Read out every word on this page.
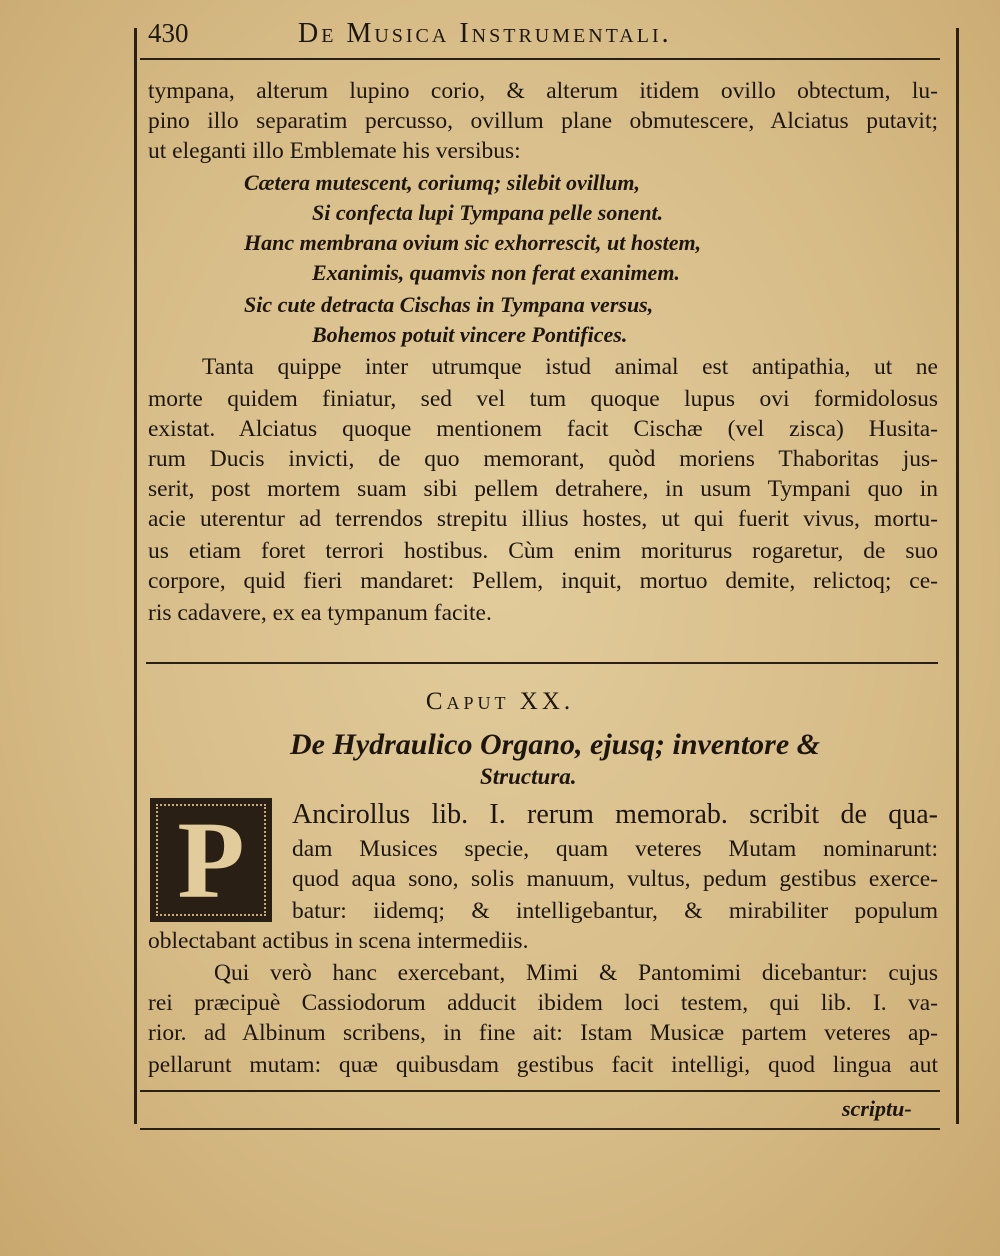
430	De Musica Instrumentali.
tympana, alterum lupino corio, & alterum itidem ovillo obtectum, lu-
pino illo separatim percusso, ovillum plane obmutescere, Alciatus putavit;
ut eleganti illo Emblemate his versibus:
Cætera mutescent, coriumq; silebit ovillum,
Si confecta lupi Tympana pelle sonent.
Hanc membrana ovium sic exhorrescit, ut hostem,
Exanimis, quamvis non ferat exanimem.
Sic cute detracta Cischas in Tympana versus,
Bohemos potuit vincere Pontifices.
Tanta quippe inter utrumque istud animal est antipathia, ut ne
morte quidem finiatur, sed vel tum quoque lupus ovi formidolosus
existat. Alciatus quoque mentionem facit Cischæ (vel zisca) Husita-
rum Ducis invicti, de quo memorant, quòd moriens Thaboritas jus-
serit, post mortem suam sibi pellem detrahere, in usum Tympani quo in
acie uterentur ad terrendos strepitu illius hostes, ut qui fuerit vivus, mortu-
us etiam foret terrori hostibus. Cùm enim moriturus rogaretur, de suo
corpore, quid fieri mandaret: Pellem, inquit, mortuo demite, relictoq; ce-
ris cadavere, ex ea tympanum facite.
Caput XX.
De Hydraulico Organo, ejusq; inventore &
Structura.
P	Ancirollus lib. I. rerum memorab. scribit de qua-
dam Musices specie, quam veteres Mutam nominarunt:
quod aqua sono, solis manuum, vultus, pedum gestibus exerce-
batur: iidemq; & intelligebantur, & mirabiliter populum
oblectabant actibus in scena intermediis.
Qui verò hanc exercebant, Mimi & Pantomimi dicebantur: cujus
rei præcipuè Cassiodorum adducit ibidem loci testem, qui lib. I. va-
rior. ad Albinum scribens, in fine ait: Istam Musicæ partem veteres ap-
pellarunt mutam: quæ quibusdam gestibus facit intelligi, quod lingua aut
scriptu-
